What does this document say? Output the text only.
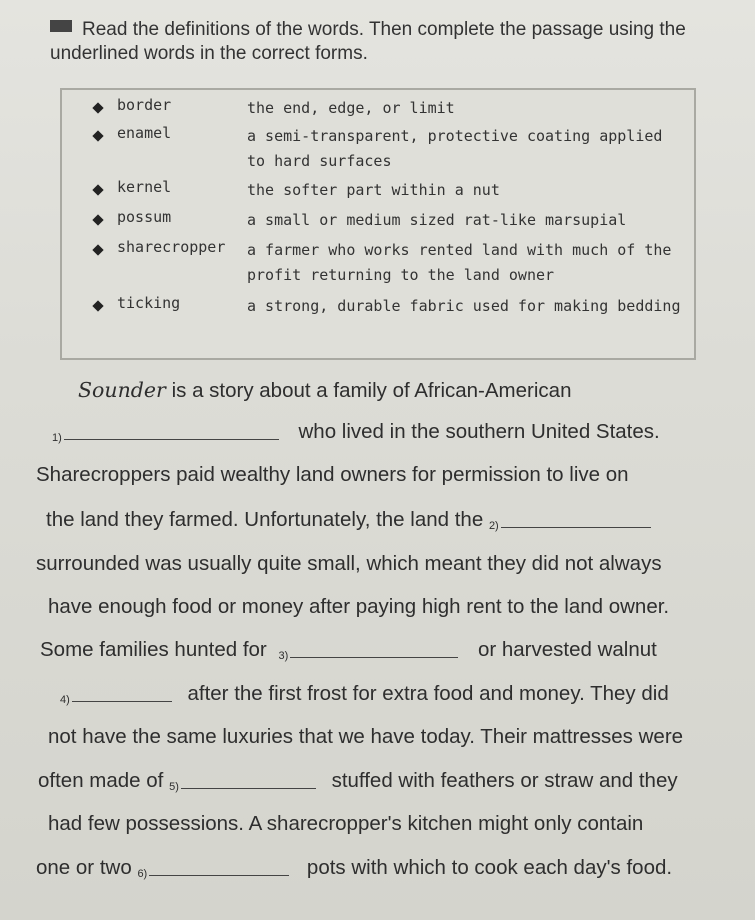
Read the definitions of the words. Then complete the passage using the underlined words in the correct forms.
border	the end, edge, or limit
enamel	a semi-transparent, protective coating applied to hard surfaces
kernel	the softer part within a nut
possum	a small or medium sized rat-like marsupial
sharecropper a farmer who works rented land with much of the profit returning to the land owner
ticking	a strong, durable fabric used for making bedding
Sounder is a story about a family of African-American
1)	who lived in the southern United States.
Sharecroppers paid wealthy land owners for permission to live on
the land they farmed. Unfortunately, the land the 2)
surrounded was usually quite small, which meant they did not always
have enough food or money after paying high rent to the land owner.
Some families hunted for 3)	or harvested walnut
4)	after the first frost for extra food and money. They did
not have the same luxuries that we have today. Their mattresses were
often made of 5)	stuffed with feathers or straw and they
had few possessions. A sharecropper's kitchen might only contain
one or two 6)	pots with which to cook each day's food.
